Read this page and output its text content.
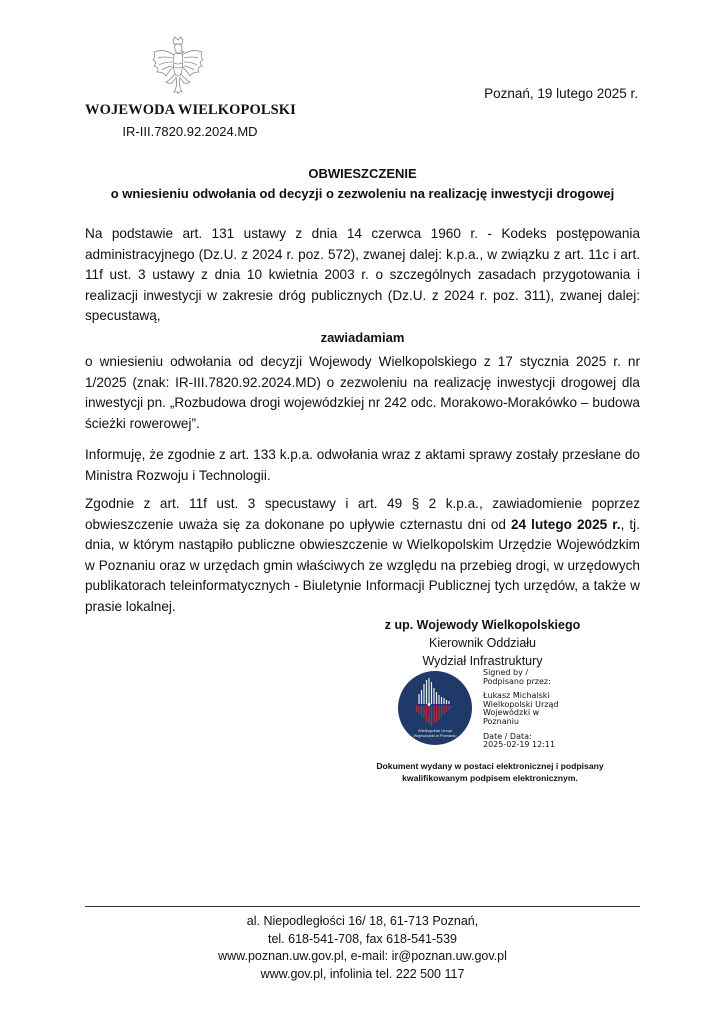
WOJEWODA WIELKOPOLSKI
IR-III.7820.92.2024.MD
Poznań, 19 lutego 2025 r.
OBWIESZCZENIE
o wniesieniu odwołania od decyzji o zezwoleniu na realizację inwestycji drogowej

Na podstawie art. 131 ustawy z dnia 14 czerwca 1960 r. - Kodeks postępowania administracyjnego (Dz.U. z 2024 r. poz. 572), zwanej dalej: k.p.a., w związku z art. 11c i art. 11f ust. 3 ustawy z dnia 10 kwietnia 2003 r. o szczególnych zasadach przygotowania i realizacji inwestycji w zakresie dróg publicznych (Dz.U. z 2024 r. poz. 311), zwanej dalej: specustawą,

zawiadamiam

o wniesieniu odwołania od decyzji Wojewody Wielkopolskiego z 17 stycznia 2025 r. nr 1/2025 (znak: IR-III.7820.92.2024.MD) o zezwoleniu na realizację inwestycji drogowej dla inwestycji pn. „Rozbudowa drogi wojewódzkiej nr 242 odc. Morakowo-Morakówko – budowa ścieżki rowerowej”.

Informuję, że zgodnie z art. 133 k.p.a. odwołania wraz z aktami sprawy zostały przesłane do Ministra Rozwoju i Technologii.

Zgodnie z art. 11f ust. 3 specustawy i art. 49 § 2 k.p.a., zawiadomienie poprzez obwieszczenie uważa się za dokonane po upływie czternastu dni od 24 lutego 2025 r., tj. dnia, w którym nastąpiło publiczne obwieszczenie w Wielkopolskim Urzędzie Wojewódzkim w Poznaniu oraz w urzędach gmin właściwych ze względu na przebieg drogi, w urzędowych publikatorach teleinformatycznych - Biuletynie Informacji Publicznej tych urzędów, a także w prasie lokalnej.

z up. Wojewody Wielkopolskiego
Kierownik Oddziału
Wydział Infrastruktury
Wielkopolski Urząd
Wojewódzki w Poznaniu
Signed by /
Podpisano przez:
Łukasz Michalski
Wielkopolski Urząd
Wojewódzki w
Poznaniu
Date / Data:
2025-02-19 12:11
Dokument wydany w postaci elektronicznej i podpisany kwalifikowanym podpisem elektronicznym.
al. Niepodległości 16/ 18, 61-713 Poznań,
tel. 618-541-708, fax 618-541-539
www.poznan.uw.gov.pl, e-mail: ir@poznan.uw.gov.pl
www.gov.pl, infolinia tel. 222 500 117
